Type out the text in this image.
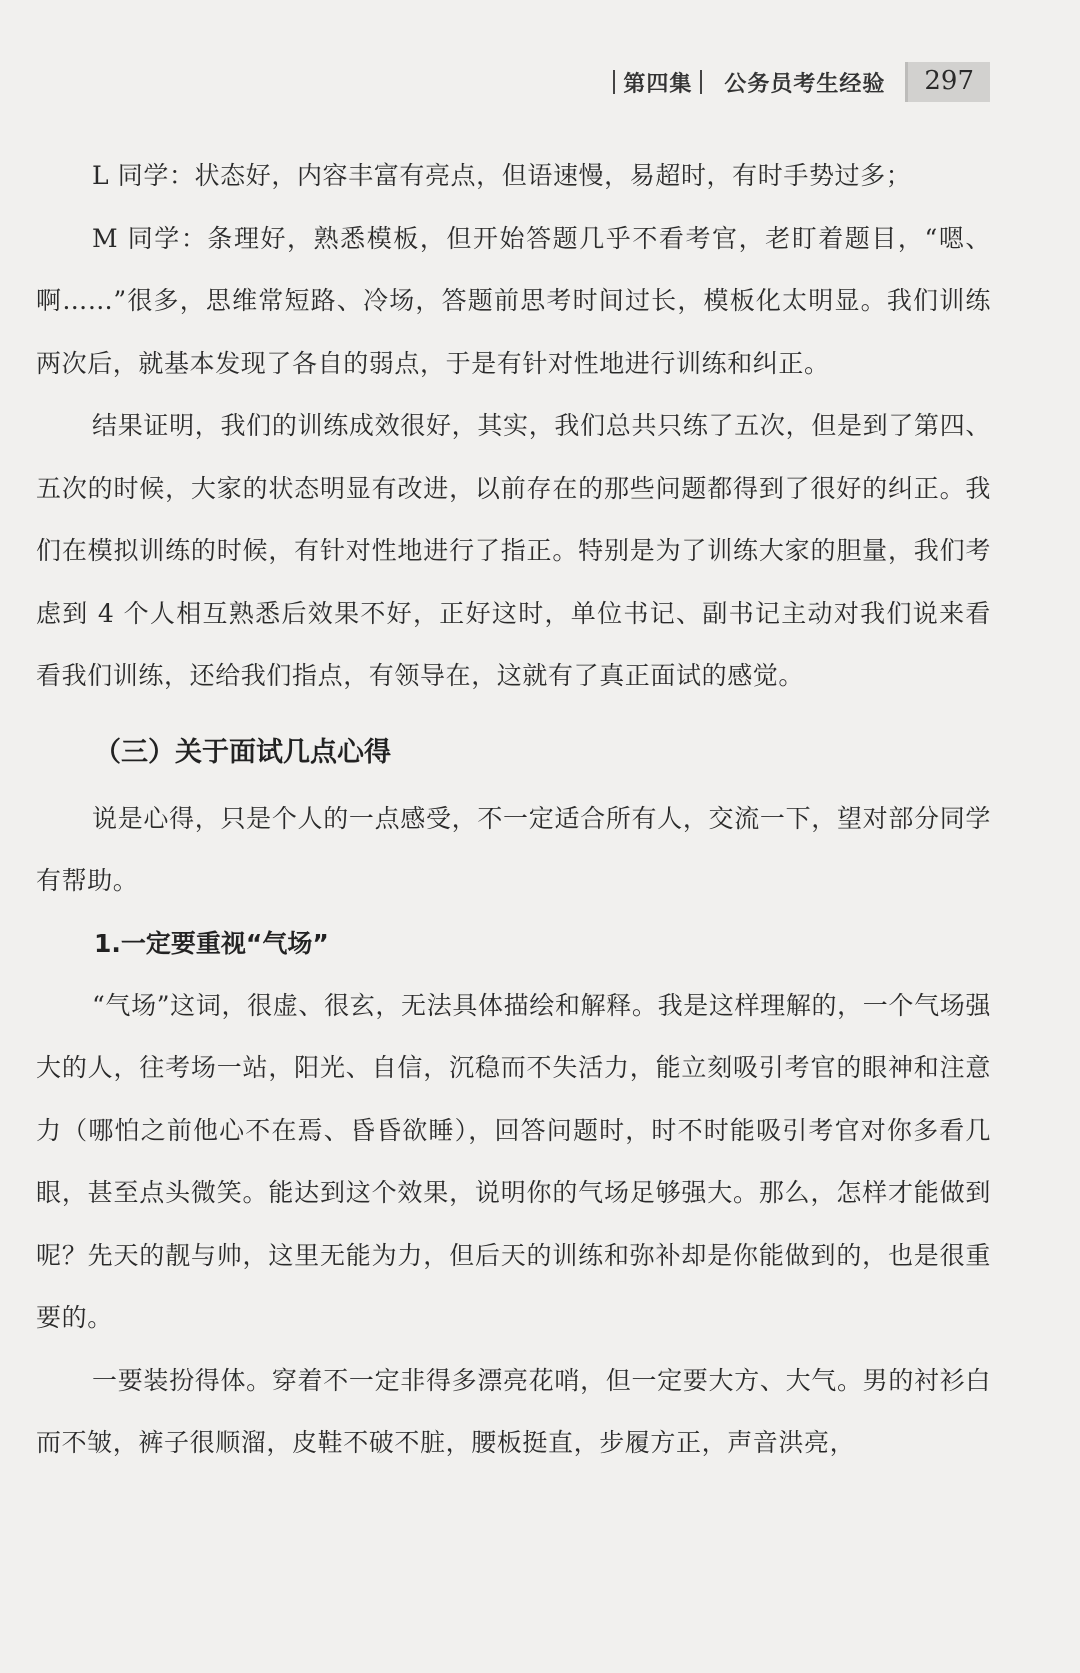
第四集 公务员考生经验	297

L 同学：状态好，内容丰富有亮点，但语速慢，易超时，有时手势过多；

M 同学：条理好，熟悉模板，但开始答题几乎不看考官，老盯着题目，“嗯、啊……”很多，思维常短路、冷场，答题前思考时间过长，模板化太明显。我们训练两次后，就基本发现了各自的弱点，于是有针对性地进行训练和纠正。

结果证明，我们的训练成效很好，其实，我们总共只练了五次，但是到了第四、五次的时候，大家的状态明显有改进，以前存在的那些问题都得到了很好的纠正。我们在模拟训练的时候，有针对性地进行了指正。特别是为了训练大家的胆量，我们考虑到 4 个人相互熟悉后效果不好，正好这时，单位书记、副书记主动对我们说来看看我们训练，还给我们指点，有领导在，这就有了真正面试的感觉。

（三）关于面试几点心得

说是心得，只是个人的一点感受，不一定适合所有人，交流一下，望对部分同学有帮助。

1.一定要重视“气场”

“气场”这词，很虚、很玄，无法具体描绘和解释。我是这样理解的，一个气场强大的人，往考场一站，阳光、自信，沉稳而不失活力，能立刻吸引考官的眼神和注意力（哪怕之前他心不在焉、昏昏欲睡），回答问题时，时不时能吸引考官对你多看几眼，甚至点头微笑。能达到这个效果，说明你的气场足够强大。那么，怎样才能做到呢？先天的靓与帅，这里无能为力，但后天的训练和弥补却是你能做到的，也是很重要的。

一要装扮得体。穿着不一定非得多漂亮花哨，但一定要大方、大气。男的衬衫白而不皱，裤子很顺溜，皮鞋不破不脏，腰板挺直，步履方正，声音洪亮，
